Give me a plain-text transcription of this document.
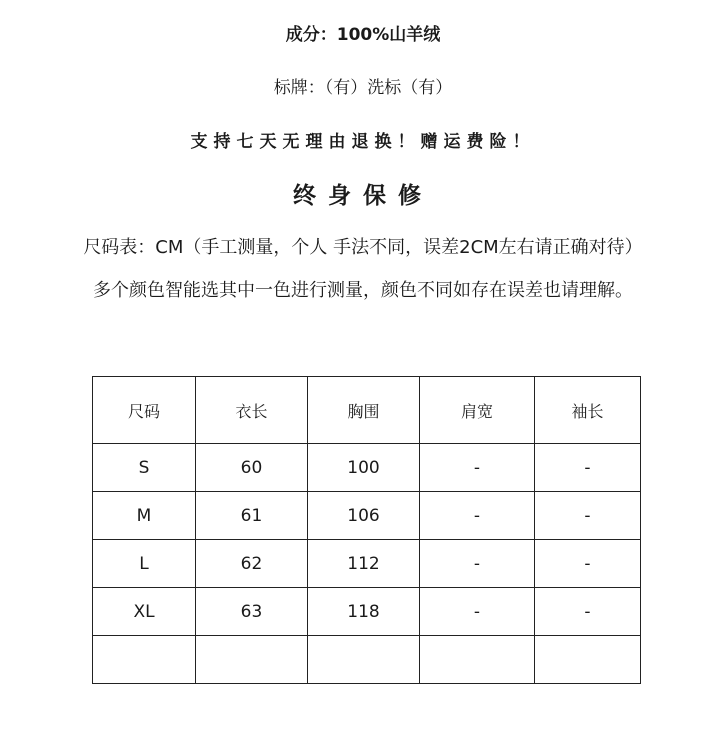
成分：100%山羊绒
标牌：（有）洗标（有）
支持七天无理由退换！赠运费险！
终身保修
尺码表：CM（手工测量，个人 手法不同，误差2CM左右请正确对待）
多个颜色智能选其中一色进行测量，颜色不同如存在误差也请理解。
尺码	衣长	胸围	肩宽	袖长
S	60	100	-	-
M	61	106	-	-
L	62	112	-	-
XL	63	118	-	-
